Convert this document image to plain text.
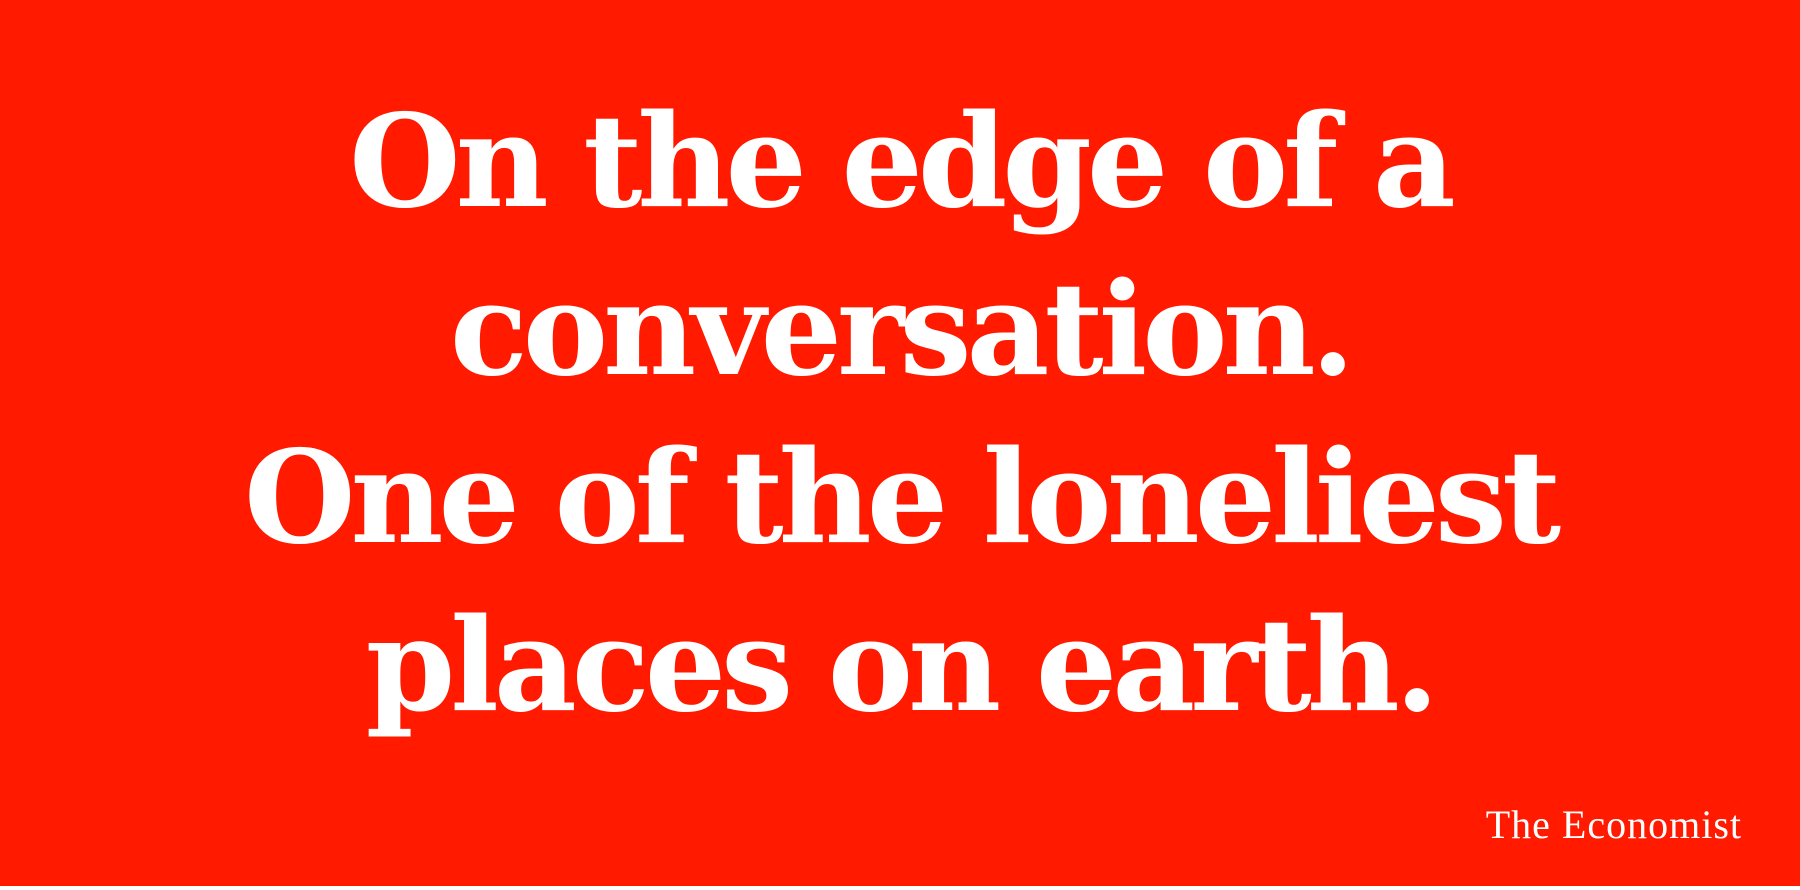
On the edge of a
conversation.
One of the loneliest
places on earth.
The Economist
